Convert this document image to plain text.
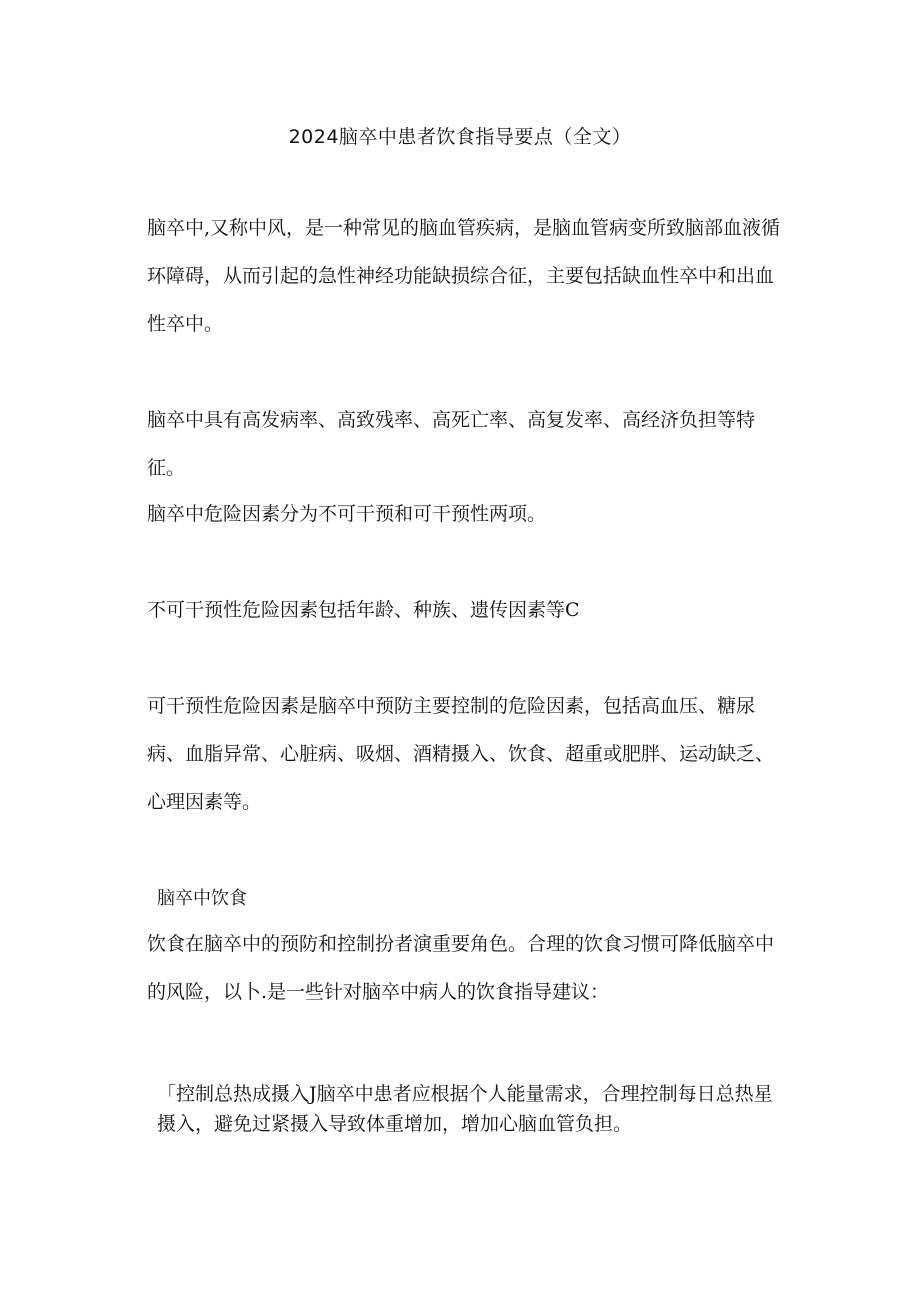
2024脑卒中患者饮食指导要点（全文）

脑卒中,又称中风，是一种常见的脑血管疾病，是脑血管病变所致脑部血液循环障碍，从而引起的急性神经功能缺损综合征，主要包括缺血性卒中和出血性卒中。

脑卒中具有高发病率、高致残率、高死亡率、高复发率、高经济负担等特征。

脑卒中危险因素分为不可干预和可干预性两项。

不可干预性危险因素包括年龄、种族、遗传因素等C

可干预性危险因素是脑卒中预防主要控制的危险因素，包括高血压、糖尿病、血脂异常、心脏病、吸烟、酒精摄入、饮食、超重或肥胖、运动缺乏、心理因素等。

脑卒中饮食

饮食在脑卒中的预防和控制扮者演重要角色。合理的饮食习惯可降低脑卒中的风险，以卜.是一些针对脑卒中病人的饮食指导建议：

「控制总热成摄入J脑卒中患者应根据个人能量需求，合理控制每日总热星摄入，避免过紧摄入导致体重增加，增加心脑血管负担。
